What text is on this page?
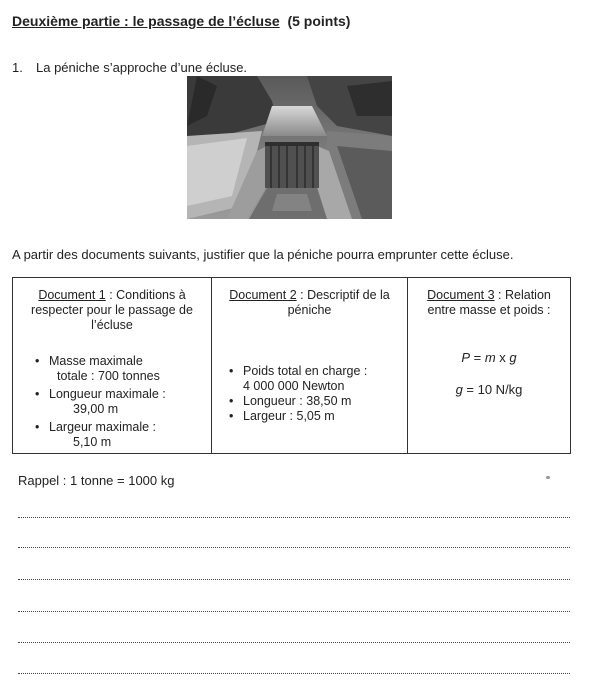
Deuxième partie : le passage de l’écluse (5 points)
1. La péniche s’approche d’une écluse.
A partir des documents suivants, justifier que la péniche pourra emprunter cette écluse.
Document 1 : Conditions à respecter pour le passage de l’écluse
• Masse maximale
totale : 700 tonnes
• Longueur maximale :
39,00 m
• Largeur maximale :
5,10 m
Document 2 : Descriptif de la péniche
• Poids total en charge :
4 000 000 Newton
• Longueur : 38,50 m
• Largeur : 5,05 m
Document 3 : Relation entre masse et poids :
P = m x g
g = 10 N/kg
Rappel : 1 tonne = 1000 kg
